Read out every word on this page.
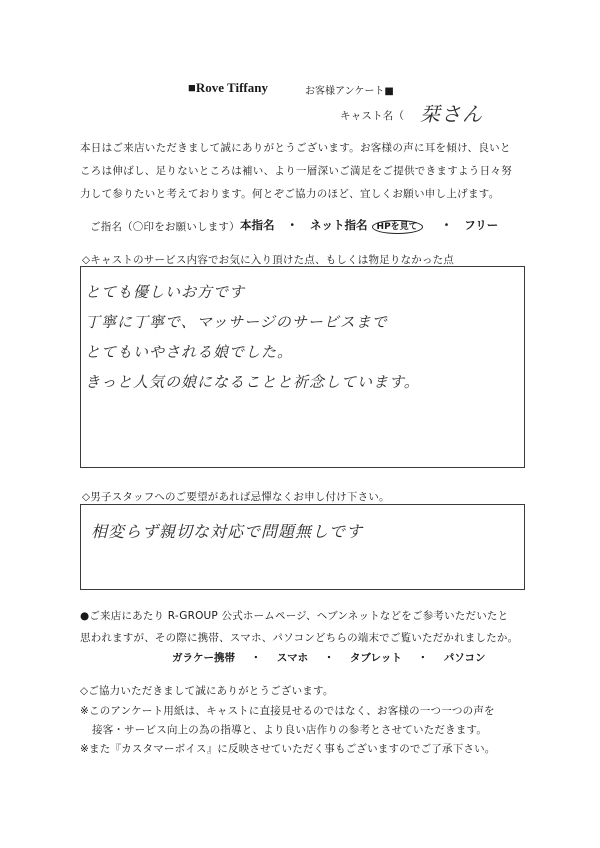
■Rove Tiffany	お客様アンケート■
キャスト名（ 栞さん
本日はご来店いただきまして誠にありがとうございます。お客様の声に耳を傾け、良いと
ころは伸ばし、足りないところは補い、より一層深いご満足をご提供できますよう日々努
力して参りたいと考えております。何とぞご協力のほど、宜しくお願い申し上げます。
ご指名（〇印をお願いします） 本指名 ・ ネット指名 HPを見て ・ フリー
◇キャストのサービス内容でお気に入り頂けた点、もしくは物足りなかった点
とても優しいお方です
丁寧に丁寧で、マッサージのサービスまで
とてもいやされる娘でした。
きっと人気の娘になることと祈念しています。
◇男子スタッフへのご要望があれば忌憚なくお申し付け下さい。
相変らず親切な対応で問題無しです
●ご来店にあたり R-GROUP 公式ホームページ、ヘブンネットなどをご参考いただいたと
思われますが、その際に携帯、スマホ、パソコンどちらの端末でご覧いただかれましたか。
ガラケー携帯 ・ スマホ ・ タブレット ・ パソコン
◇ご協力いただきまして誠にありがとうございます。
※このアンケート用紙は、キャストに直接見せるのではなく、お客様の一つ一つの声を
接客・サービス向上の為の指導と、より良い店作りの参考とさせていただきます。
※また『カスタマーボイス』に反映させていただく事もございますのでご了承下さい。
